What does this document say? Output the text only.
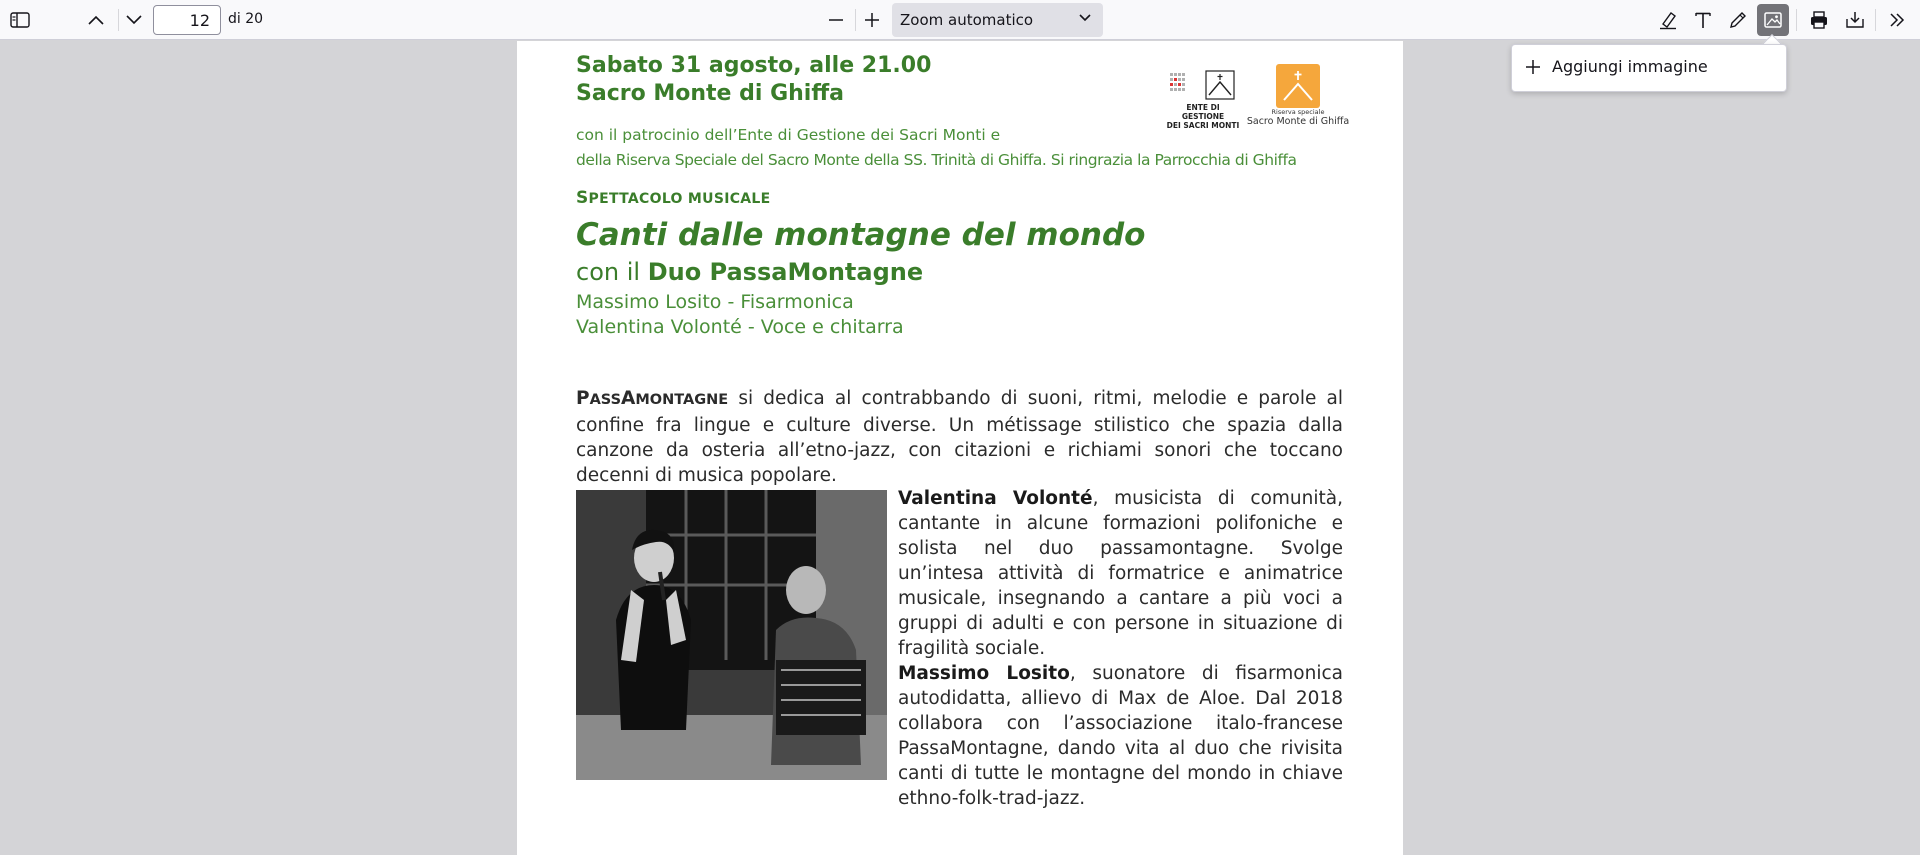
12
di 20	Zoom automatico
Aggiungi immagine
Sabato 31 agosto, alle 21.00
Sacro Monte di Ghiffa
ENTE DI GESTIONE
DEI SACRI MONTI
Riserva speciale
Sacro Monte di Ghiffa
con il patrocinio dell’Ente di Gestione dei Sacri Monti e
della Riserva Speciale del Sacro Monte della SS. Trinità di Ghiffa. Si ringrazia la Parrocchia di Ghiffa
SPETTACOLO MUSICALE
Canti dalle montagne del mondo
con il Duo PassaMontagne
Massimo Losito - Fisarmonica
Valentina Volonté - Voce e chitarra
PASSAMONTAGNE si dedica al contrabbando di suoni, ritmi, melodie e parole al confine fra lingue e culture diverse. Un métissage stilistico che spazia dalla canzone da osteria all’etno-jazz, con citazioni e richiami sonori che toccano decenni di musica popolare.
Valentina Volonté, musicista di comunità, cantante in alcune formazioni polifoniche e solista nel duo passamontagne. Svolge un’intesa attività di formatrice e animatrice musicale, insegnando a cantare a più voci a gruppi di adulti e con persone in situazione di fragilità sociale.
Massimo Losito, suonatore di fisarmonica autodidatta, allievo di Max de Aloe. Dal 2018 collabora con l’associazione italo-francese PassaMontagne, dando vita al duo che rivisita canti di tutte le montagne del mondo in chiave ethno-folk-trad-jazz.
